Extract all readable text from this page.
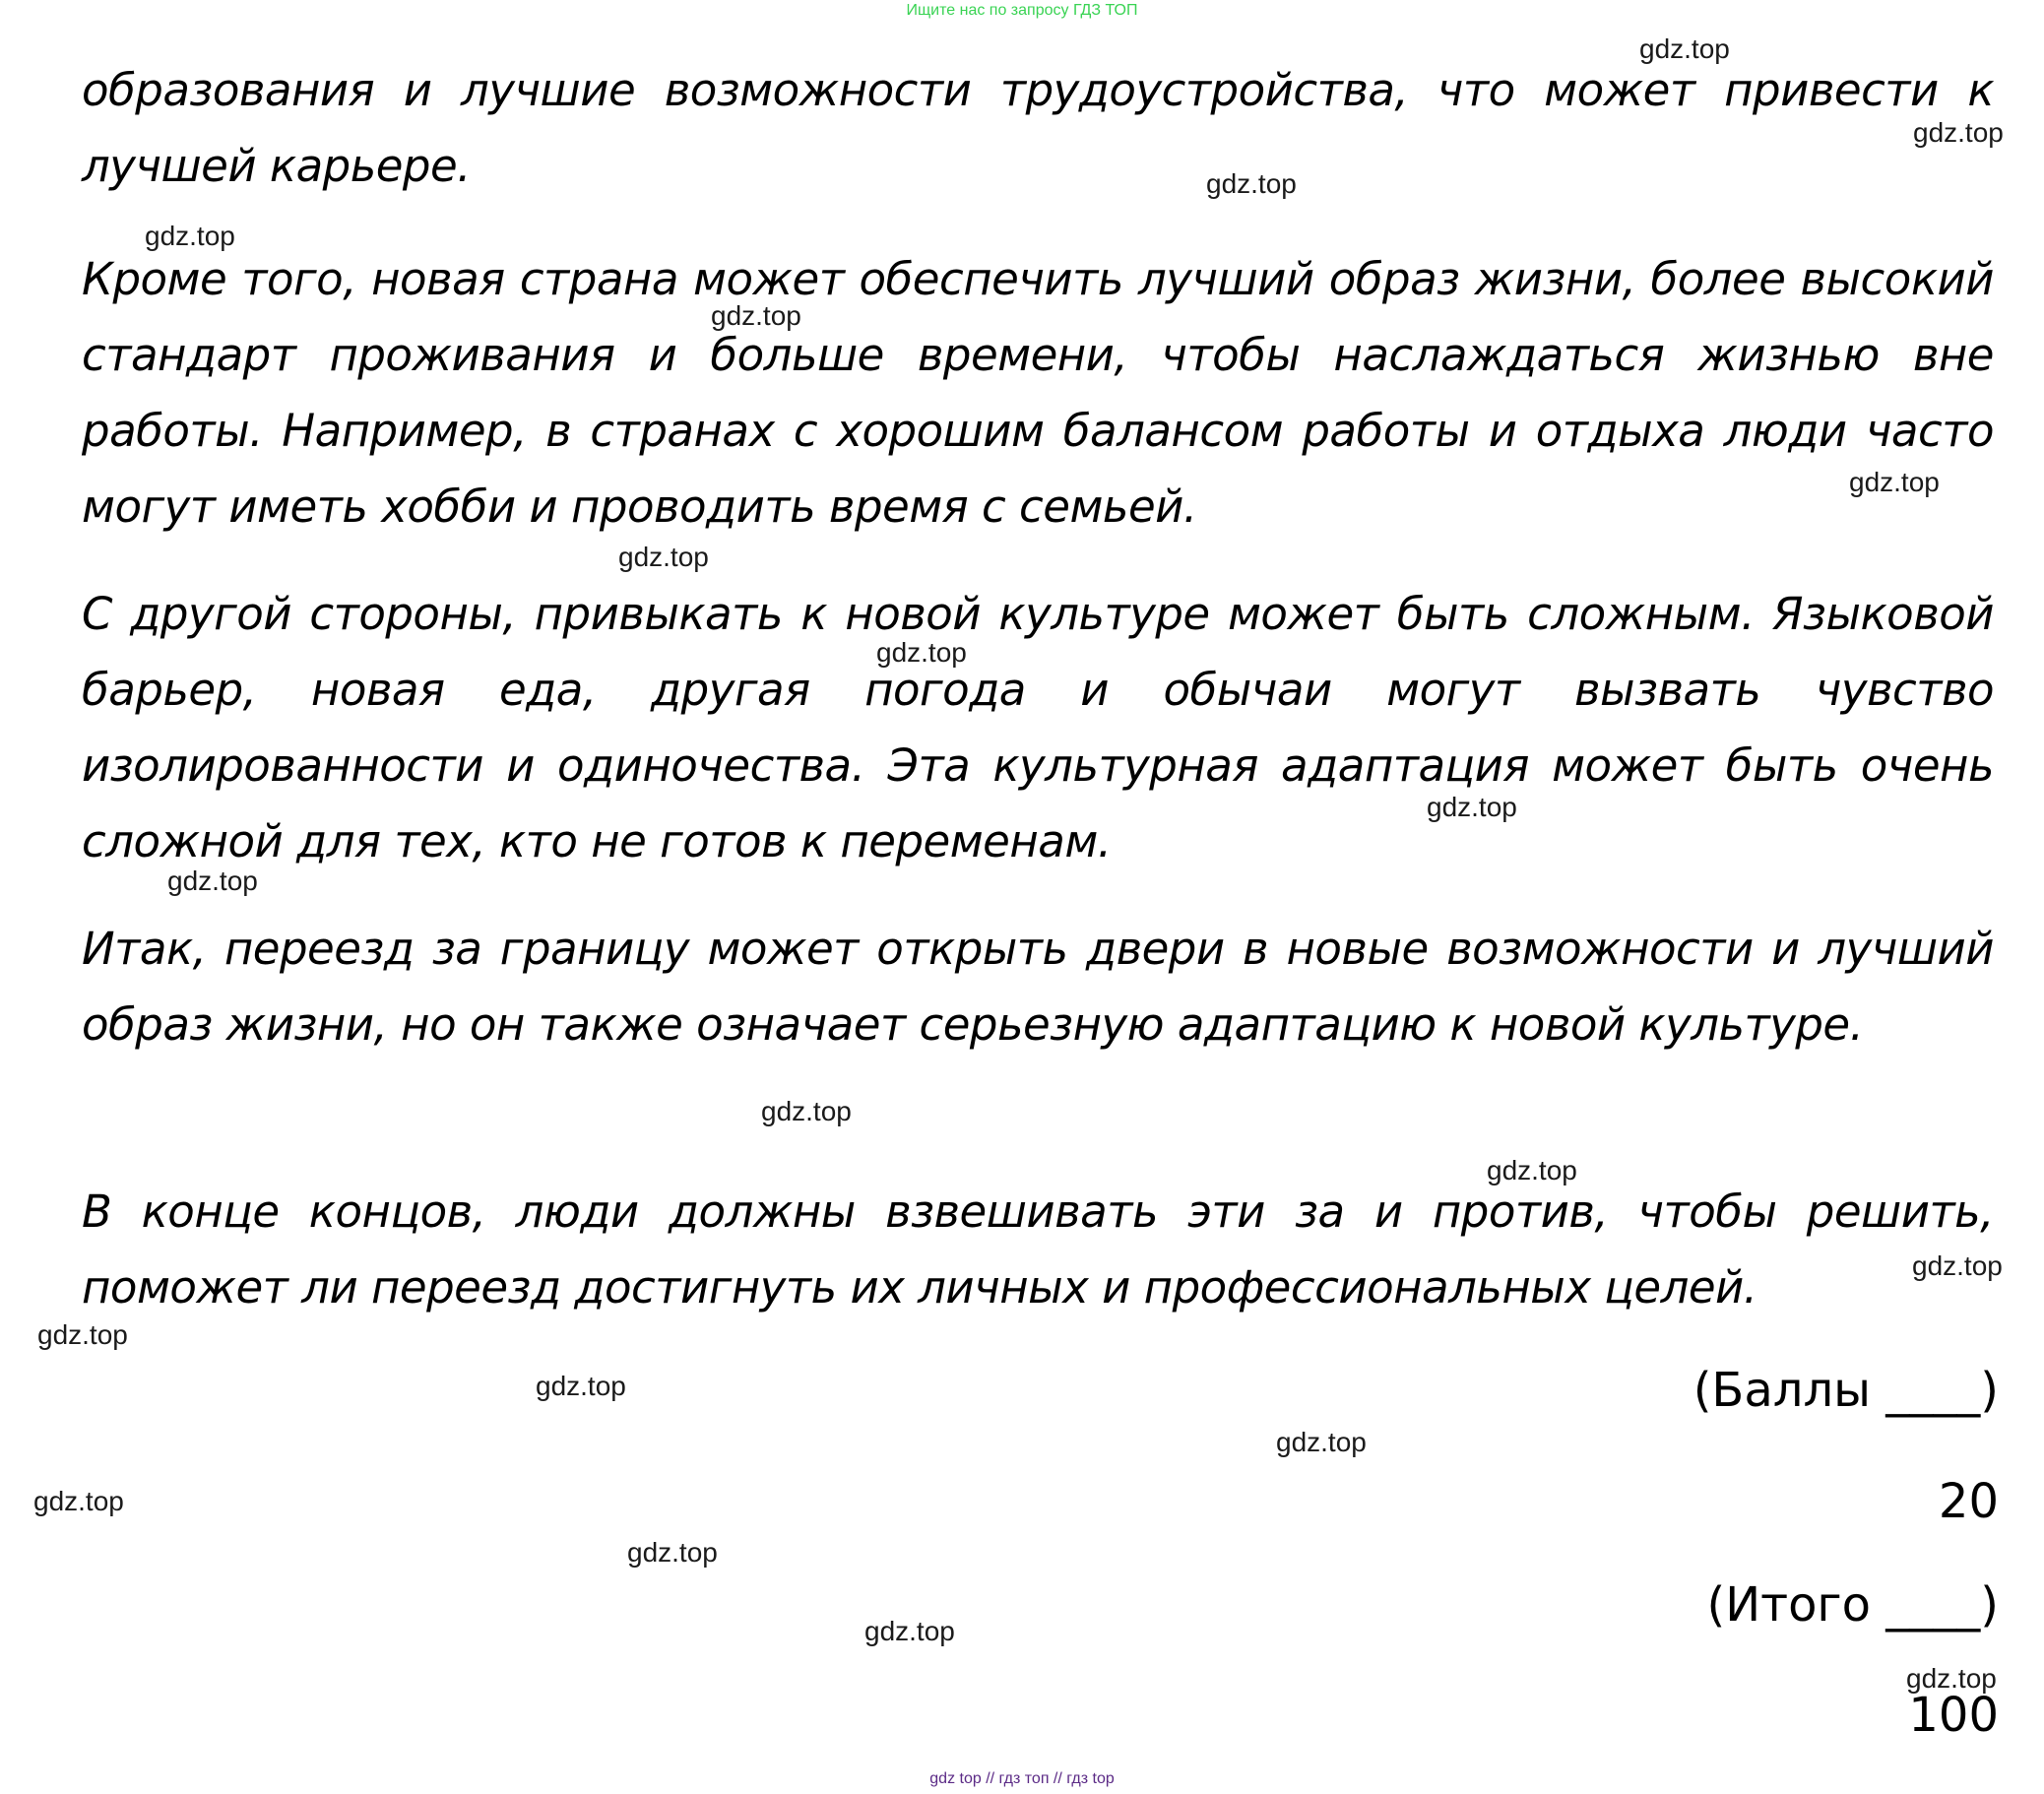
Ищите нас по запросу ГДЗ ТОП

образования и лучшие возможности трудоустройства, что может привести к лучшей карьере.

Кроме того, новая страна может обеспечить лучший образ жизни, более высокий стандарт проживания и больше времени, чтобы наслаждаться жизнью вне работы. Например, в странах с хорошим балансом работы и отдыха люди часто могут иметь хобби и проводить время с семьей.

С другой стороны, привыкать к новой культуре может быть сложным. Языковой барьер, новая еда, другая погода и обычаи могут вызвать чувство изолированности и одиночества. Эта культурная адаптация может быть очень сложной для тех, кто не готов к переменам.

Итак, переезд за границу может открыть двери в новые возможности и лучший образ жизни, но он также означает серьезную адаптацию к новой культуре.

В конце концов, люди должны взвешивать эти за и против, чтобы решить, поможет ли переезд достигнуть их личных и профессиональных целей.

(Баллы ____)
20
(Итого ____)
100
gdz.top
gdz.top
gdz.top
gdz.top
gdz.top
gdz.top
gdz.top
gdz.top
gdz.top
gdz.top
gdz.top
gdz.top
gdz.top
gdz.top
gdz.top
gdz.top
gdz.top
gdz.top
gdz.top
gdz.top
gdz top // гдз топ // гдз top
